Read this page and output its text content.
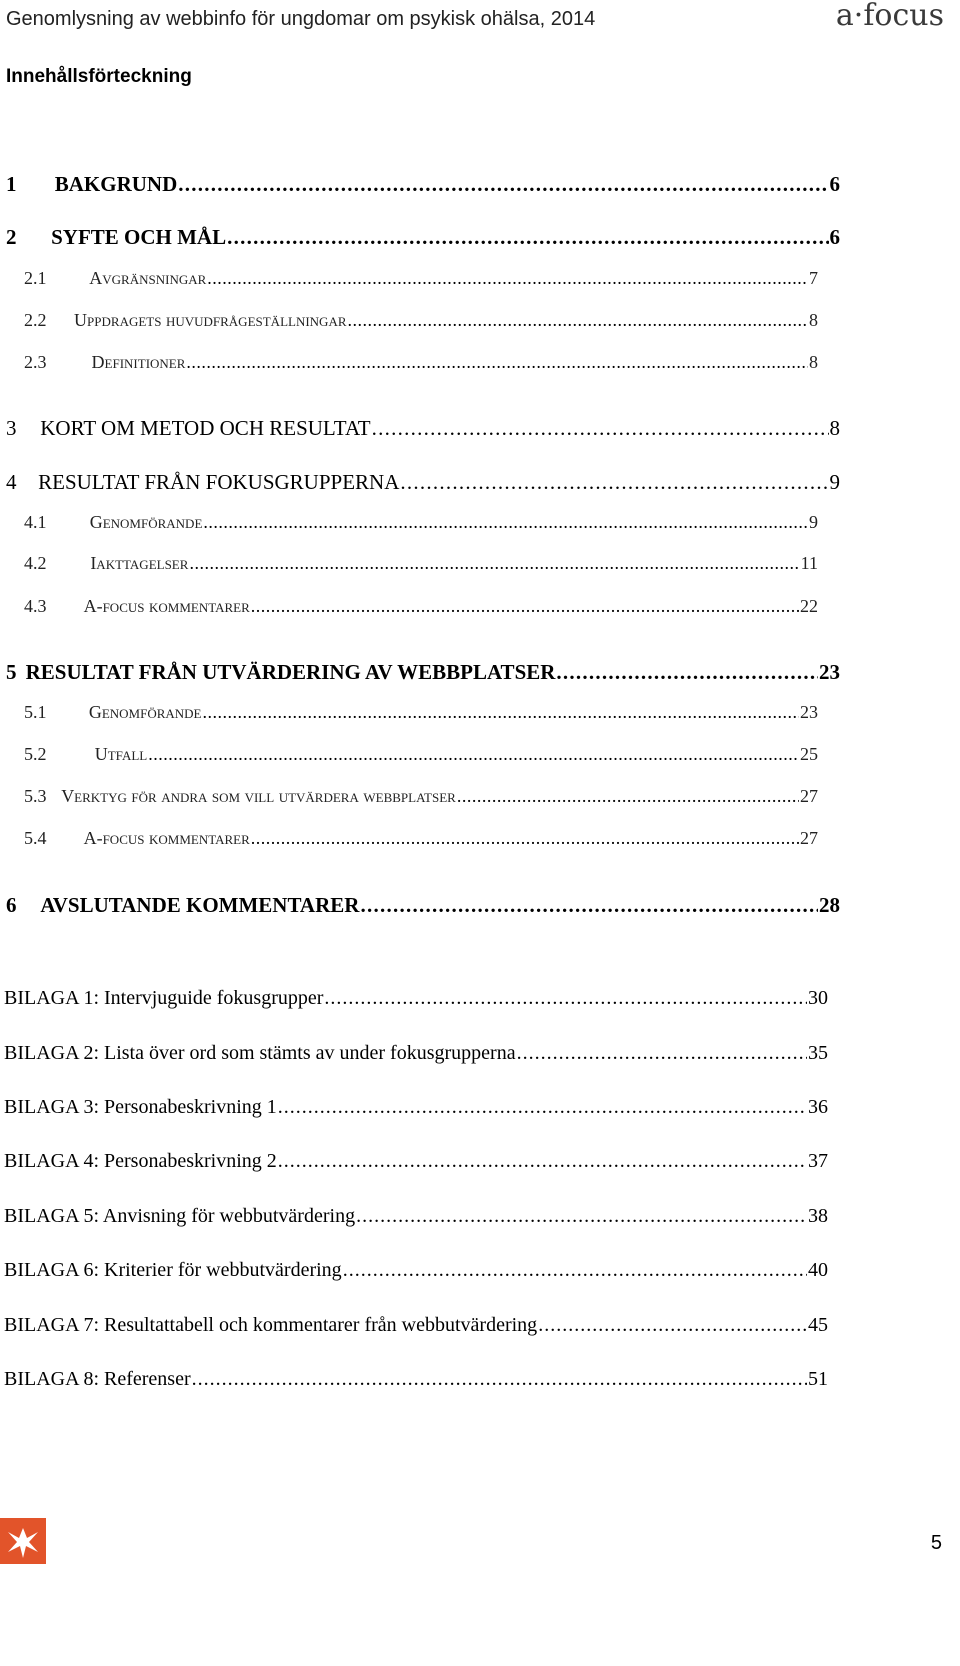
Genomlysning av webbinfo för ungdomar om psykisk ohälsa, 2014	a·focus
Innehållsförteckning
1	BAKGRUND . . .	6
2	SYFTE OCH MÅL . . .	6
2.1	Avgränsningar . . .	7
2.2	Uppdragets huvudfrågeställningar . . .	8
2.3	Definitioner . . .	8
3	KORT OM METOD OCH RESULTAT . . .	8
4	RESULTAT FRÅN FOKUSGRUPPERNA . . .	9
4.1	Genomförande . . .	9
4.2	Iakttagelser . . .	11
4.3	A-focus kommentarer . . .	22
5 RESULTAT FRÅN UTVÄRDERING AV WEBBPLATSER . . .	23
5.1	Genomförande . . .	23
5.2	Utfall . . .	25
5.3 Verktyg för andra som vill utvärdera webbplatser . . .	27
5.4	A-focus kommentarer . . .	27
6	AVSLUTANDE KOMMENTARER . . .	28
BILAGA 1: Intervjuguide fokusgrupper . . .	30
BILAGA 2: Lista över ord som stämts av under fokusgrupperna . . .	35
BILAGA 3: Personabeskrivning 1 . . .	36
BILAGA 4: Personabeskrivning 2 . . .	37
BILAGA 5: Anvisning för webbutvärdering . . .	38
BILAGA 6: Kriterier för webbutvärdering . . .	40
BILAGA 7: Resultattabell och kommentarer från webbutvärdering . . .	45
BILAGA 8: Referenser . . .	51
5
